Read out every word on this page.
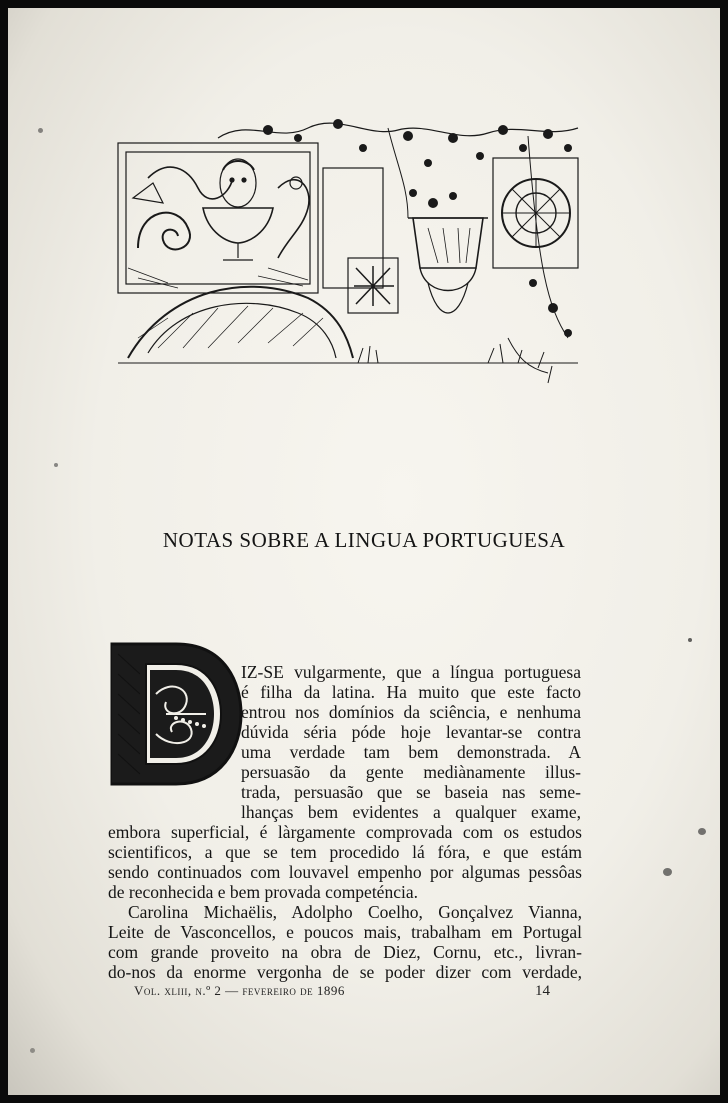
NOTAS SOBRE A LINGUA PORTUGUESA
IZ-SE vulgarmente, que a língua portuguesa
é filha da latina. Ha muito que este facto
entrou nos domínios da sciência, e nenhuma
dúvida séria póde hoje levantar-se contra
uma verdade tam bem demonstrada. A
persuasão da gente mediànamente illus-
trada, persuasão que se baseia nas seme-
lhanças bem evidentes a qualquer exame,
embora superficial, é làrgamente comprovada com os estudos
scientificos, a que se tem procedido lá fóra, e que estám
sendo continuados com louvavel empenho por algumas pessôas
de reconhecida e bem provada competéncia.
Carolina Michaëlis, Adolpho Coelho, Gonçalvez Vianna,
Leite de Vasconcellos, e poucos mais, trabalham em Portugal
com grande proveito na obra de Diez, Cornu, etc., livran-
do-nos da enorme vergonha de se poder dizer com verdade,
Vol. xliii, n.º 2 — fevereiro de 1896	14
